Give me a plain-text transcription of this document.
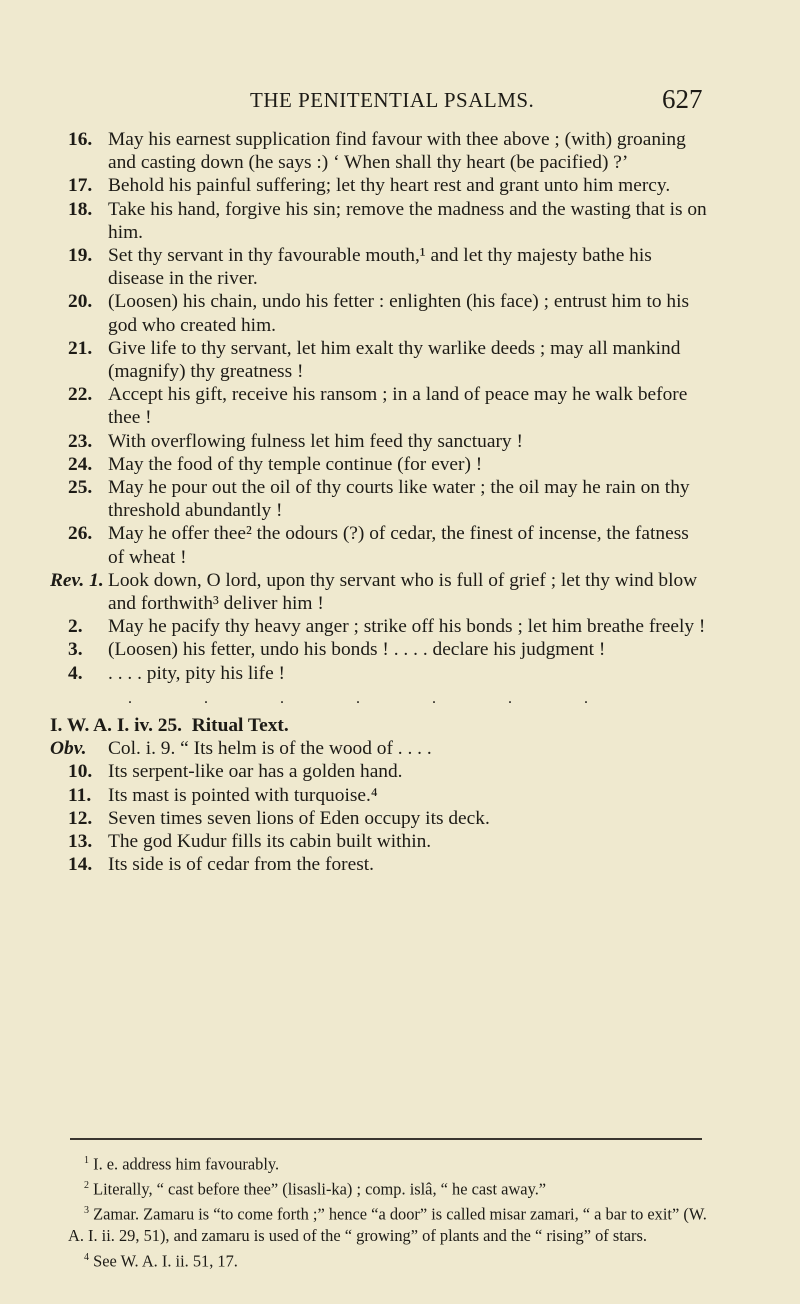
THE PENITENTIAL PSALMS.	627
16. May his earnest supplication find favour with thee above ; (with) groaning and casting down (he says :) ‘ When shall thy heart (be pacified) ?’
17. Behold his painful suffering; let thy heart rest and grant unto him mercy.
18. Take his hand, forgive his sin; remove the madness and the wasting that is on him.
19. Set thy servant in thy favourable mouth,¹ and let thy majesty bathe his disease in the river.
20. (Loosen) his chain, undo his fetter : enlighten (his face) ; entrust him to his god who created him.
21. Give life to thy servant, let him exalt thy warlike deeds ; may all mankind (magnify) thy greatness !
22. Accept his gift, receive his ransom ; in a land of peace may he walk before thee !
23. With overflowing fulness let him feed thy sanctuary !
24. May the food of thy temple continue (for ever) !
25. May he pour out the oil of thy courts like water ; the oil may he rain on thy threshold abundantly !
26. May he offer thee² the odours (?) of cedar, the finest of incense, the fatness of wheat !
Rev. 1. Look down, O lord, upon thy servant who is full of grief ; let thy wind blow and forthwith³ deliver him !
2.	May he pacify thy heavy anger ; strike off his bonds ; let him breathe freely !
3.	(Loosen) his fetter, undo his bonds ! . . . . declare his judgment !
4.	. . . . pity, pity his life !
. . . . . . .
I. W. A. I. iv. 25.
Ritual Text.
Obv.	Col. i. 9. “ Its helm is of the wood of . . . .
10. Its serpent-like oar has a golden hand.
11. Its mast is pointed with turquoise.⁴
12. Seven times seven lions of Eden occupy its deck.
13. The god Kudur fills its cabin built within.
14. Its side is of cedar from the forest.
$^1$ I. e. address him favourably.
$^2$ Literally, “ cast before thee” (lisasli-ka) ; comp. islâ, “ he cast away.”
$^3$ Zamar. Zamaru is “to come forth ;” hence “a door” is called misar zamari, “ a bar to exit” (W. A. I. ii. 29, 51), and zamaru is used of the “ growing” of plants and the “ rising” of stars.
$^4$ See W. A. I. ii. 51, 17.
